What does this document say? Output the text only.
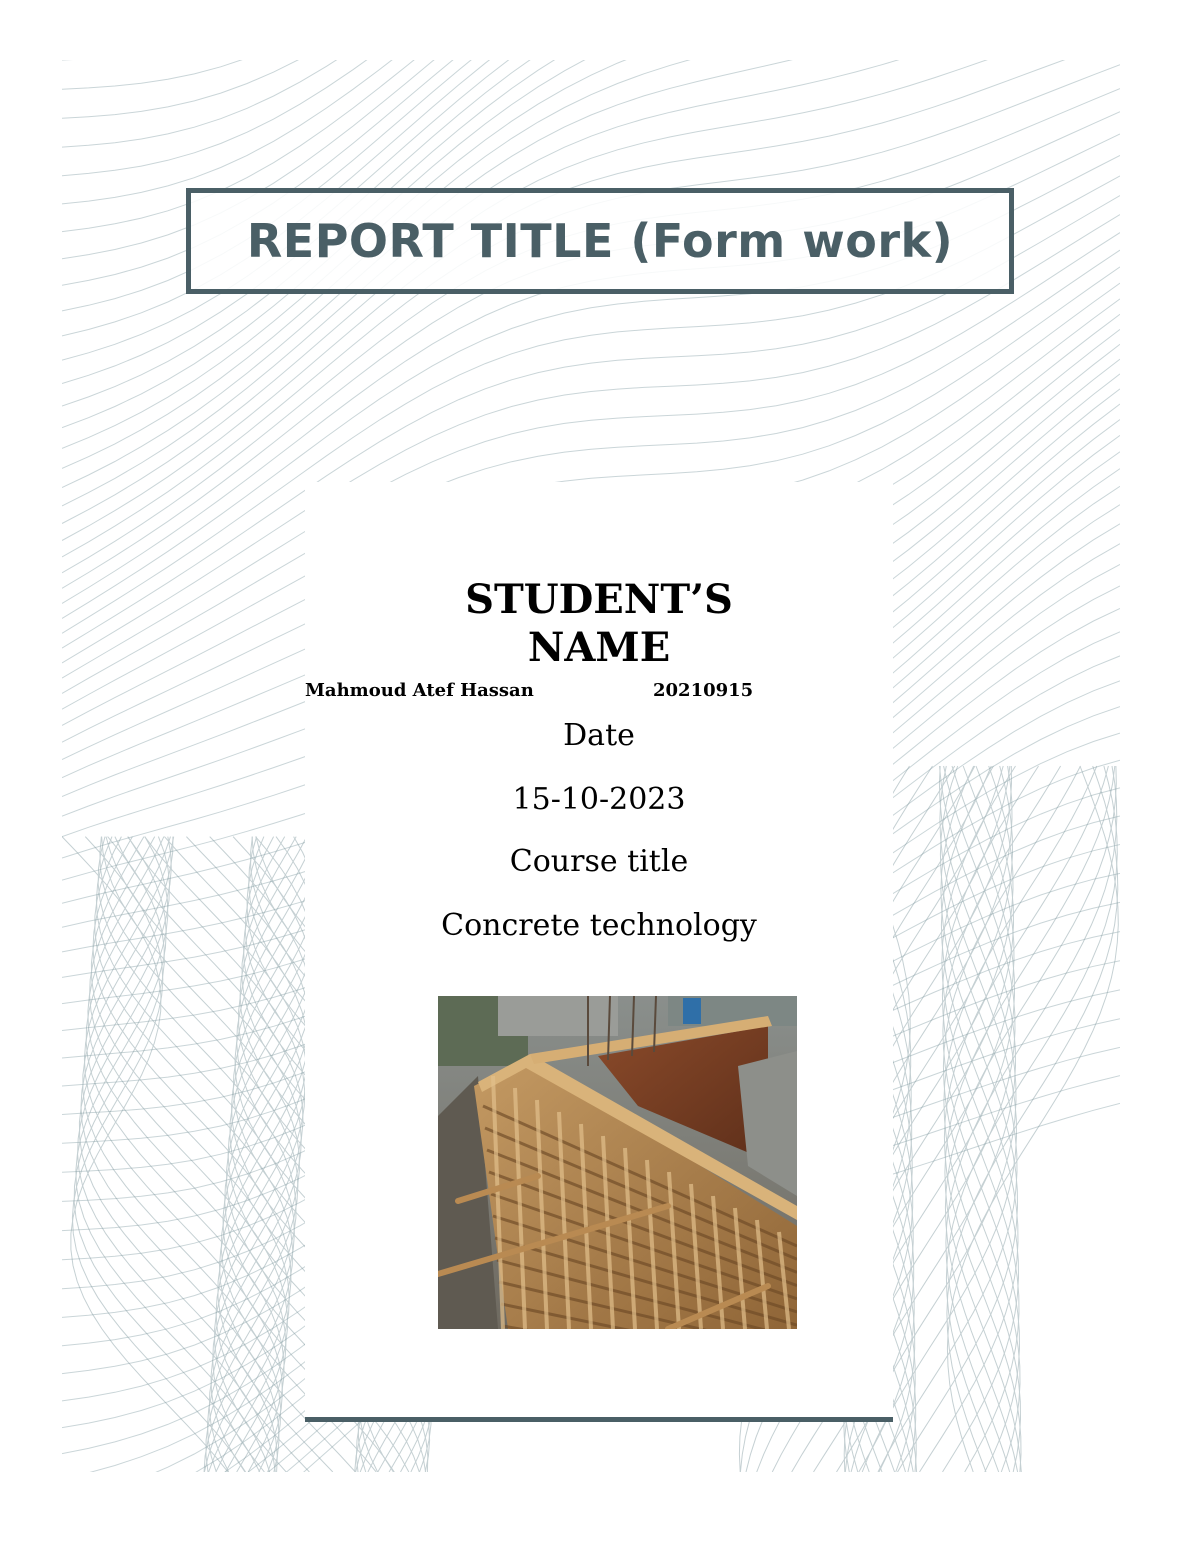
REPORT TITLE (Form work)
STUDENT’S
NAME
Mahmoud Atef Hassan	20210915
Date
15-10-2023
Course title
Concrete technology
